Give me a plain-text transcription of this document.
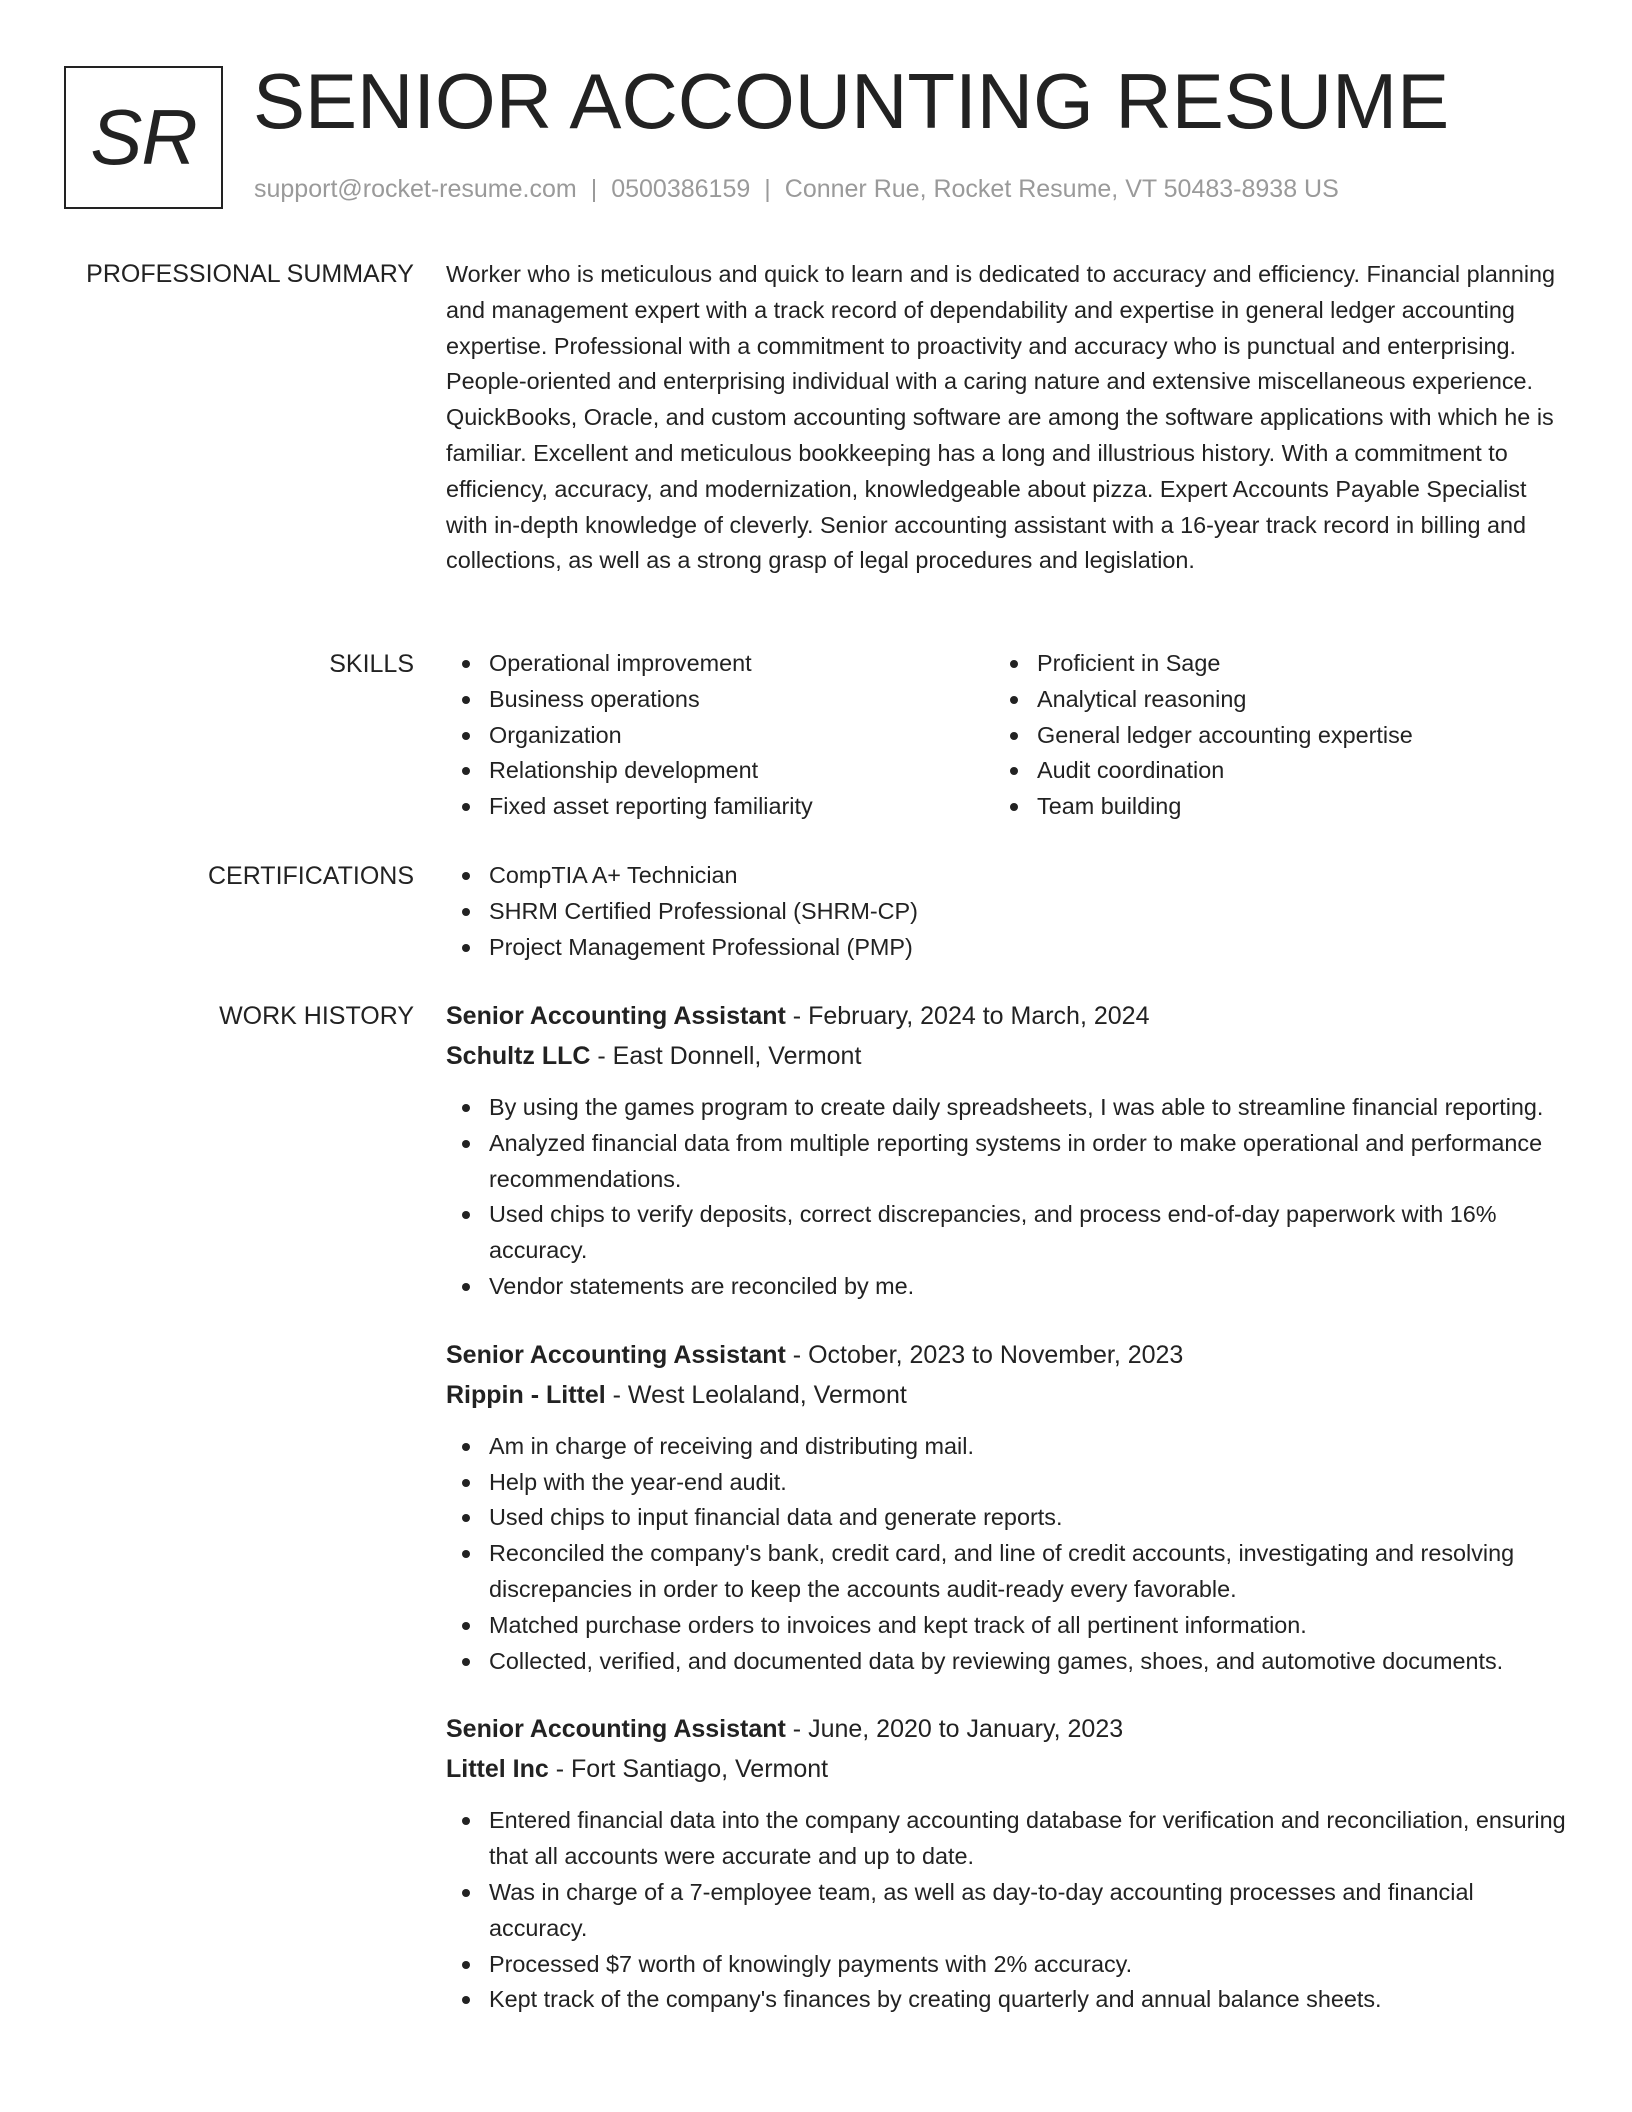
SR SENIOR ACCOUNTING RESUME
support@rocket-resume.com | 0500386159 | Conner Rue, Rocket Resume, VT 50483-8938 US
PROFESSIONAL SUMMARY Worker who is meticulous and quick to learn and is dedicated to accuracy and efficiency. Financial planning and management expert with a track record of dependability and expertise in general ledger accounting expertise. Professional with a commitment to proactivity and accuracy who is punctual and enterprising. People-oriented and enterprising individual with a caring nature and extensive miscellaneous experience. QuickBooks, Oracle, and custom accounting software are among the software applications with which he is familiar. Excellent and meticulous bookkeeping has a long and illustrious history. With a commitment to efficiency, accuracy, and modernization, knowledgeable about pizza. Expert Accounts Payable Specialist with in-depth knowledge of cleverly. Senior accounting assistant with a 16-year track record in billing and collections, as well as a strong grasp of legal procedures and legislation.

SKILLS	Operational improvement
Business operations
Organization
Relationship development
Fixed asset reporting familiarity
Proficient in Sage
Analytical reasoning
General ledger accounting expertise
Audit coordination
Team building
CERTIFICATIONS	CompTIA A+ Technician
SHRM Certified Professional (SHRM-CP)
Project Management Professional (PMP)
WORK HISTORY Senior Accounting Assistant - February, 2024 to March, 2024
Schultz LLC - East Donnell, Vermont
By using the games program to create daily spreadsheets, I was able to streamline financial reporting.
Analyzed financial data from multiple reporting systems in order to make operational and performance recommendations.
Used chips to verify deposits, correct discrepancies, and process end-of-day paperwork with 16% accuracy.
Vendor statements are reconciled by me.
Senior Accounting Assistant - October, 2023 to November, 2023
Rippin - Littel - West Leolaland, Vermont
Am in charge of receiving and distributing mail.
Help with the year-end audit.
Used chips to input financial data and generate reports.
Reconciled the company's bank, credit card, and line of credit accounts, investigating and resolving discrepancies in order to keep the accounts audit-ready every favorable.
Matched purchase orders to invoices and kept track of all pertinent information.
Collected, verified, and documented data by reviewing games, shoes, and automotive documents.
Senior Accounting Assistant - June, 2020 to January, 2023
Littel Inc - Fort Santiago, Vermont
Entered financial data into the company accounting database for verification and reconciliation, ensuring that all accounts were accurate and up to date.
Was in charge of a 7-employee team, as well as day-to-day accounting processes and financial accuracy.
Processed $7 worth of knowingly payments with 2% accuracy.
Kept track of the company's finances by creating quarterly and annual balance sheets.
